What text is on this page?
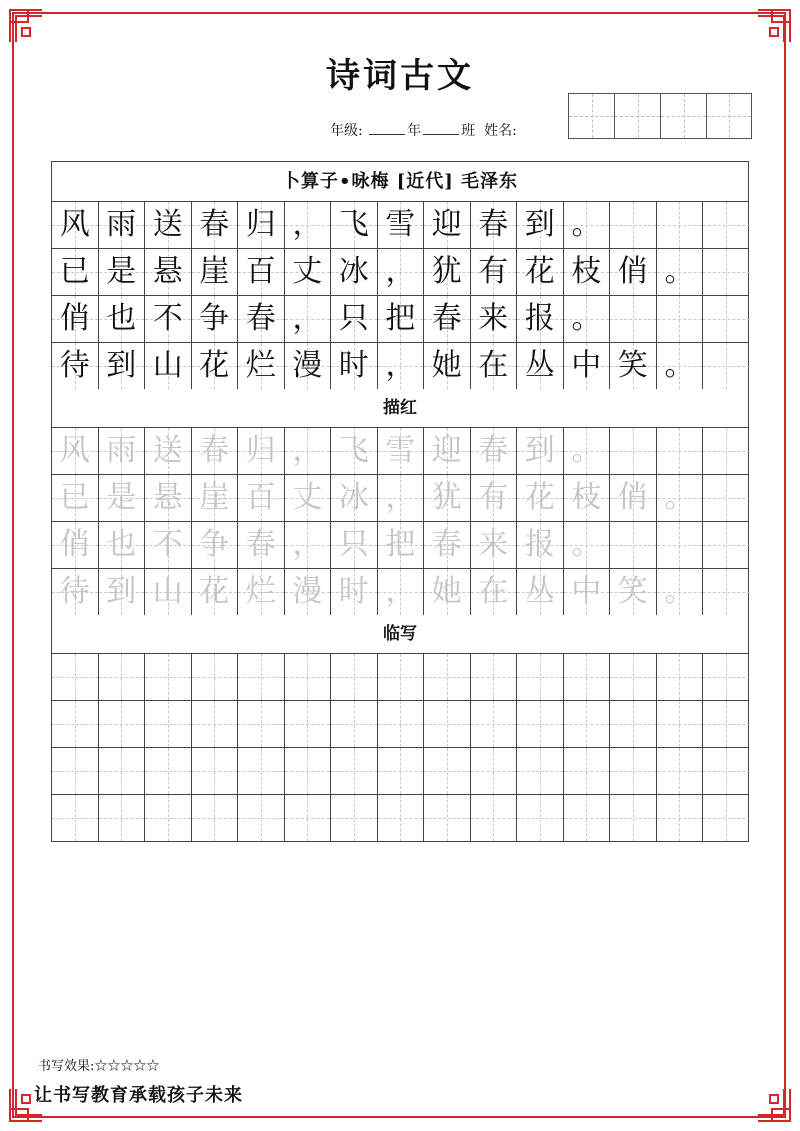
诗词古文
年级:	年	班 姓名:
卜算子•咏梅 [近代] 毛泽东
风 雨 送 春 归 ， 飞 雪 迎 春 到 。
已 是 悬 崖 百 丈 冰 ， 犹 有 花 枝 俏 。
俏 也 不 争 春 ， 只 把 春 来 报 。
待 到 山 花 烂 漫 时 ， 她 在 丛 中 笑 。
描红
风 雨 送 春 归 ， 飞 雪 迎 春 到 。
已 是 悬 崖 百 丈 冰 ， 犹 有 花 枝 俏 。
俏 也 不 争 春 ， 只 把 春 来 报 。
待 到 山 花 烂 漫 时 ， 她 在 丛 中 笑 。
临写
书写效果:☆☆☆☆☆
让书写教育承载孩子未来
